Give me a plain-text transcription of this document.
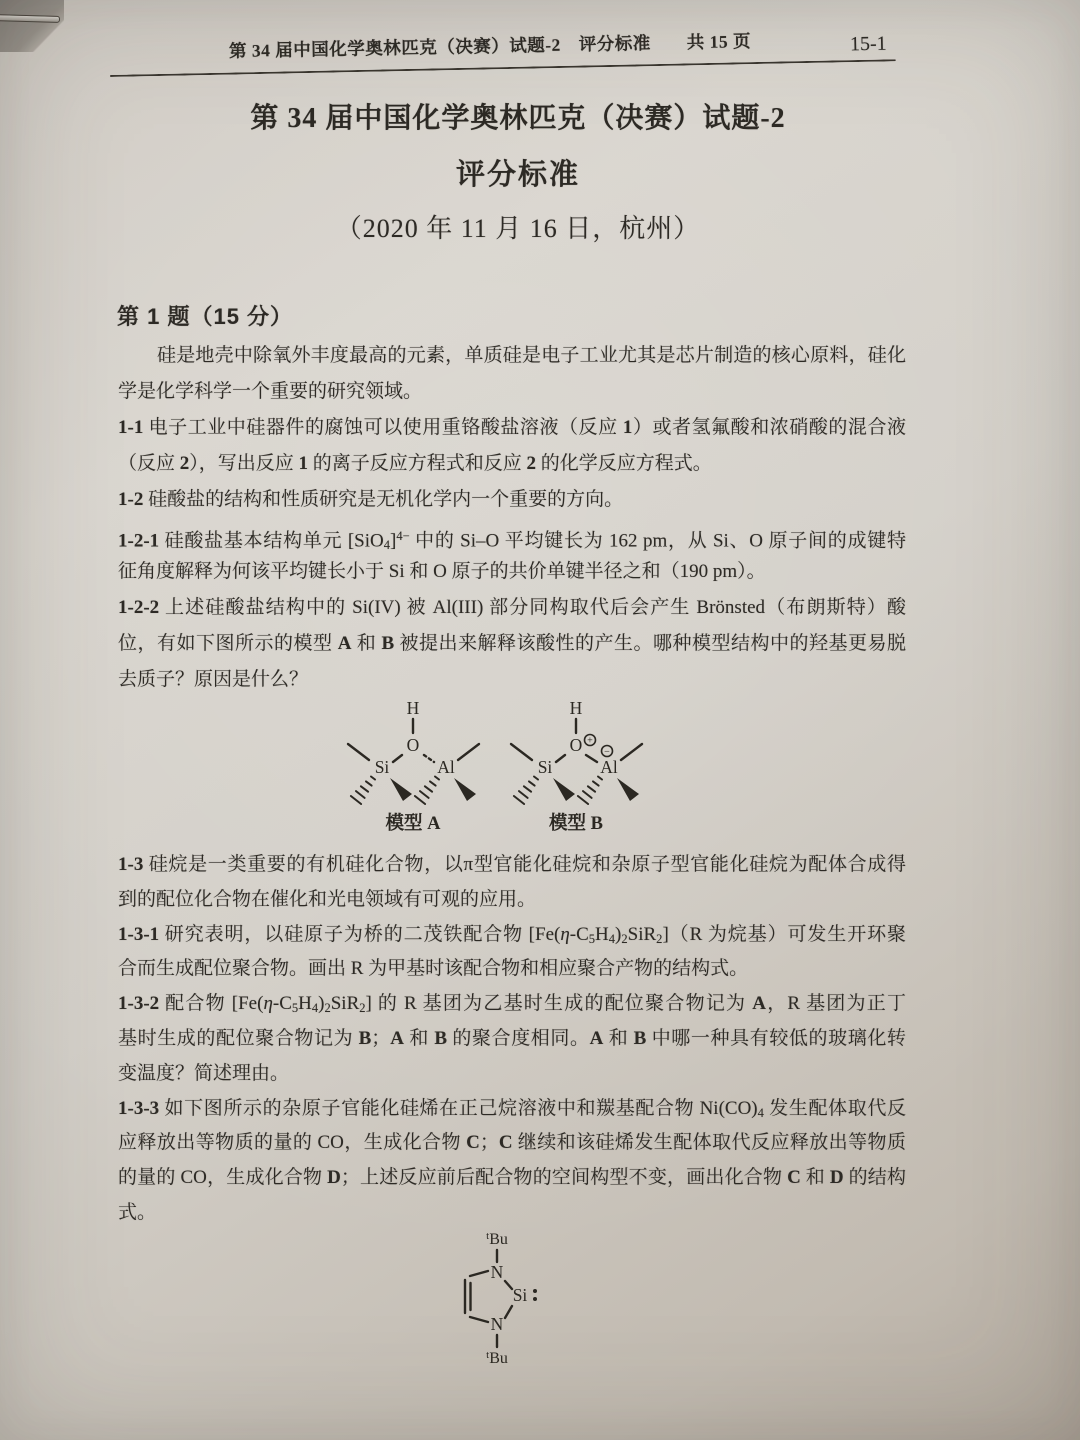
第 34 届中国化学奥林匹克（决赛）试题-2　评分标准　　共 15 页	15-1
第 34 届中国化学奥林匹克（决赛）试题-2
评分标准
（2020 年 11 月 16 日，杭州）
第 1 题（15 分）
硅是地壳中除氧外丰度最高的元素，单质硅是电子工业尤其是芯片制造的核心原料，硅化
学是化学科学一个重要的研究领域。
1-1 电子工业中硅器件的腐蚀可以使用重铬酸盐溶液（反应 1）或者氢氟酸和浓硝酸的混合液
（反应 2），写出反应 1 的离子反应方程式和反应 2 的化学反应方程式。
1-2 硅酸盐的结构和性质研究是无机化学内一个重要的方向。
1-2-1 硅酸盐基本结构单元 $[SiO4]^{4-}$ 中的 Si–O 平均键长为 162 pm，从 Si、O 原子间的成键特
征角度解释为何该平均键长小于 Si 和 O 原子的共价单键半径之和（190 pm）。
1-2-2 上述硅酸盐结构中的 Si(IV) 被 Al(III) 部分同构取代后会产生 Brönsted（布朗斯特）酸
位，有如下图所示的模型 A 和 B 被提出来解释该酸性的产生。哪种模型结构中的羟基更易脱
去质子？原因是什么？
H
O
Si	Al
模型 A
H
O +
Si	Al
−
模型 B
1-3 硅烷是一类重要的有机硅化合物，以π型官能化硅烷和杂原子型官能化硅烷为配体合成得
到的配位化合物在催化和光电领域有可观的应用。
1-3-1 研究表明，以硅原子为桥的二茂铁配合物 [Fe(η-C5H4)2SiR2]（R 为烷基）可发生开环聚
合而生成配位聚合物。画出 R 为甲基时该配合物和相应聚合产物的结构式。
1-3-2 配合物 [Fe(η-C5H4)2SiR2] 的 R 基团为乙基时生成的配位聚合物记为 A，R 基团为正丁
基时生成的配位聚合物记为 B；A 和 B 的聚合度相同。A 和 B 中哪一种具有较低的玻璃化转
变温度？简述理由。
1-3-3 如下图所示的杂原子官能化硅烯在正己烷溶液中和羰基配合物 Ni(CO)4 发生配体取代反
应释放出等物质的量的 CO，生成化合物 C；C 继续和该硅烯发生配体取代反应释放出等物质
的量的 CO，生成化合物 D；上述反应前后配合物的空间构型不变，画出化合物 C 和 D 的结构
式。
$^t$Bu
N
Si
N
$^t$Bu
